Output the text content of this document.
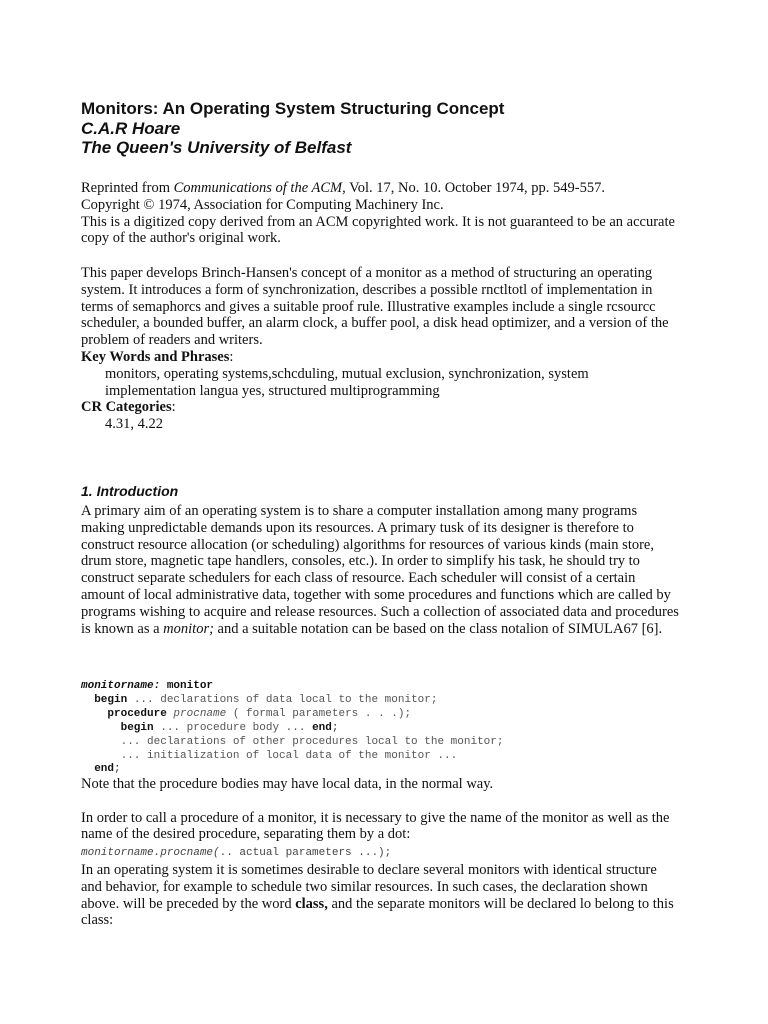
Monitors: An Operating System Structuring Concept
C.A.R Hoare
The Queen's University of Belfast

Reprinted from Communications of the ACM, Vol. 17, No. 10. October 1974, pp. 549-557.

Copyright © 1974, Association for Computing Machinery Inc.

This is a digitized copy derived from an ACM copyrighted work. It is not guaranteed to be an accurate copy of the author's original work.

This paper develops Brinch-Hansen's concept of a monitor as a method of structuring an operating system. It introduces a form of synchronization, describes a possible rnctltotl of implementation in terms of semaphorcs and gives a suitable proof rule. Illustrative examples include a single rcsourcc scheduler, a bounded buffer, an alarm clock, a buffer pool, a disk head optimizer, and a version of the problem of readers and writers.

Key Words and Phrases:

monitors, operating systems,schcduling, mutual exclusion, synchronization, system implementation langua yes, structured multiprogramming

CR Categories:

4.31, 4.22

1. Introduction

A primary aim of an operating system is to share a computer installation among many programs making unpredictable demands upon its resources. A primary tusk of its designer is therefore to construct resource allocation (or scheduling) algorithms for resources of various kinds (main store, drum store, magnetic tape handlers, consoles, etc.). In order to simplify his task, he should try to construct separate schedulers for each class of resource. Each scheduler will consist of a certain amount of local administrative data, together with some procedures and functions which are called by programs wishing to acquire and release resources. Such a collection of associated data and procedures is known as a monitor; and a suitable notation can be based on the class notalion of SIMULA67 [6].

monitorname: monitor
begin ... declarations of data local to the monitor;
procedure procname ( formal parameters . . .);
begin ... procedure body ... end;
... declarations of other procedures local to the monitor;
... initialization of local data of the monitor ...
end;

Note that the procedure bodies may have local data, in the normal way.

In order to call a procedure of a monitor, it is necessary to give the name of the monitor as well as the name of the desired procedure, separating them by a dot:

monitorname.procname(.. actual parameters ...);

In an operating system it is sometimes desirable to declare several monitors with identical structure and behavior, for example to schedule two similar resources. In such cases, the declaration shown above. will be preceded by the word class, and the separate monitors will be declared lo belong to this class:
